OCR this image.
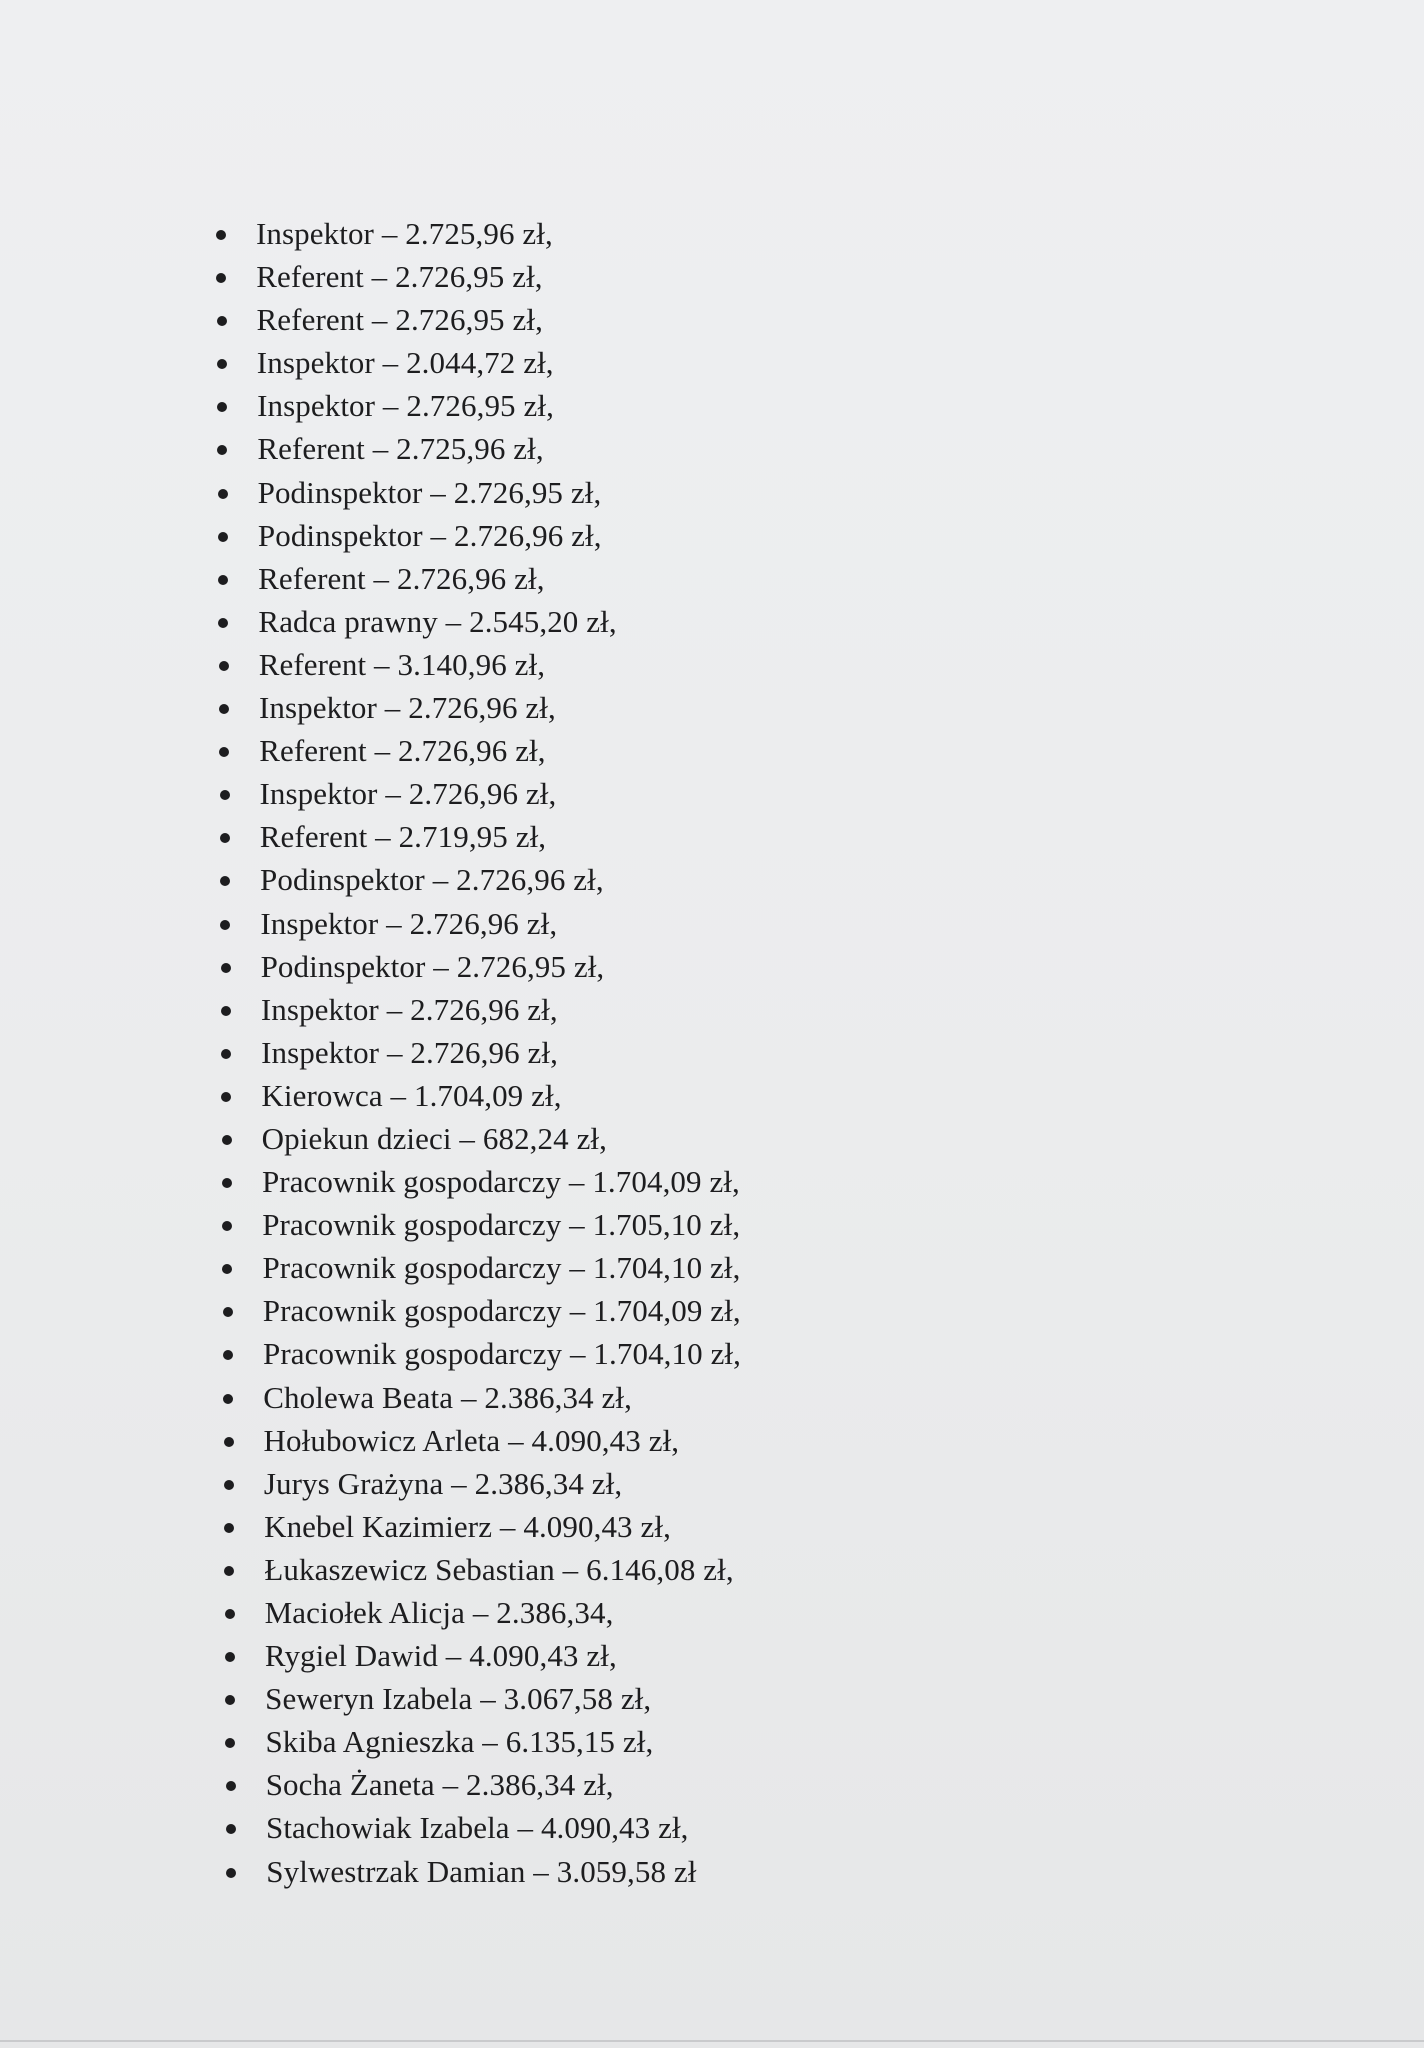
Inspektor – 2.725,96 zł,
Referent – 2.726,95 zł,
Referent – 2.726,95 zł,
Inspektor – 2.044,72 zł,
Inspektor – 2.726,95 zł,
Referent – 2.725,96 zł,
Podinspektor – 2.726,95 zł,
Podinspektor – 2.726,96 zł,
Referent – 2.726,96 zł,
Radca prawny – 2.545,20 zł,
Referent – 3.140,96 zł,
Inspektor – 2.726,96 zł,
Referent – 2.726,96 zł,
Inspektor – 2.726,96 zł,
Referent – 2.719,95 zł,
Podinspektor – 2.726,96 zł,
Inspektor – 2.726,96 zł,
Podinspektor – 2.726,95 zł,
Inspektor – 2.726,96 zł,
Inspektor – 2.726,96 zł,
Kierowca – 1.704,09 zł,
Opiekun dzieci – 682,24 zł,
Pracownik gospodarczy – 1.704,09 zł,
Pracownik gospodarczy – 1.705,10 zł,
Pracownik gospodarczy – 1.704,10 zł,
Pracownik gospodarczy – 1.704,09 zł,
Pracownik gospodarczy – 1.704,10 zł,
Cholewa Beata – 2.386,34 zł,
Hołubowicz Arleta – 4.090,43 zł,
Jurys Grażyna – 2.386,34 zł,
Knebel Kazimierz – 4.090,43 zł,
Łukaszewicz Sebastian – 6.146,08 zł,
Maciołek Alicja – 2.386,34,
Rygiel Dawid – 4.090,43 zł,
Seweryn Izabela – 3.067,58 zł,
Skiba Agnieszka – 6.135,15 zł,
Socha Żaneta – 2.386,34 zł,
Stachowiak Izabela – 4.090,43 zł,
Sylwestrzak Damian – 3.059,58 zł
